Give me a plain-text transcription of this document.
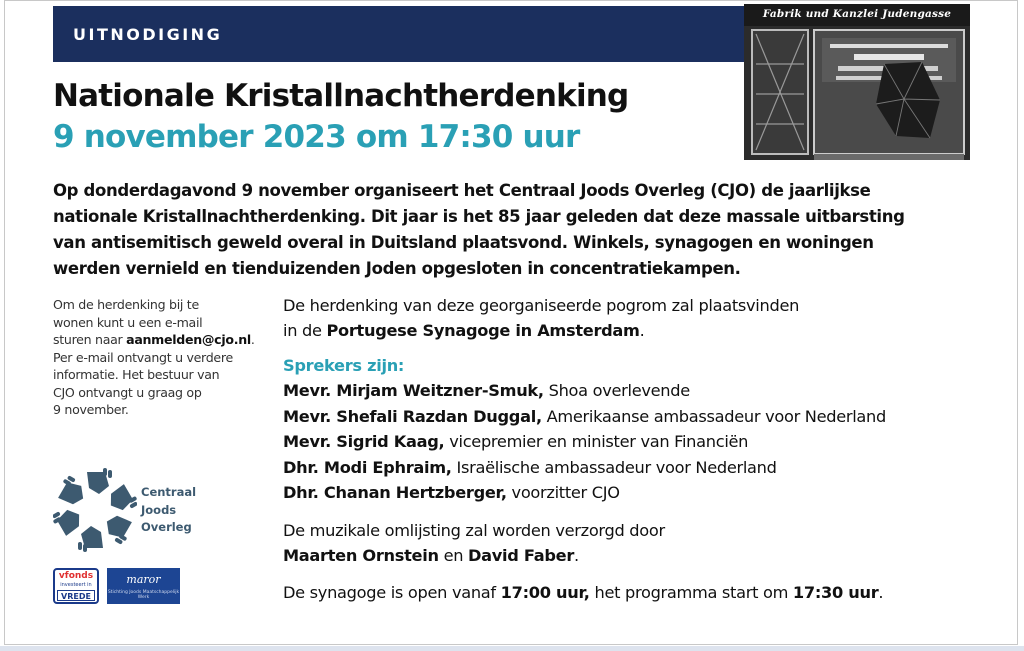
UITNODIGING
Fabrik und Kanzlei Judengasse
Nationale Kristallnachtherdenking
9 november 2023 om 17:30 uur
Op donderdagavond 9 november organiseert het Centraal Joods Overleg (CJO) de jaarlijkse
nationale Kristallnachtherdenking. Dit jaar is het 85 jaar geleden dat deze massale uitbarsting
van antisemitisch geweld overal in Duitsland plaatsvond. Winkels, synagogen en woningen
werden vernield en tienduizenden Joden opgesloten in concentratiekampen.
Om de herdenking bij te
wonen kunt u een e-mail
sturen naar aanmelden@cjo.nl.
Per e-mail ontvangt u verdere
informatie. Het bestuur van
CJO ontvangt u graag op
9 november.
De herdenking van deze georganiseerde pogrom zal plaatsvinden
in de Portugese Synagoge in Amsterdam.
Sprekers zijn:
Mevr. Mirjam Weitzner-Smuk, Shoa overlevende
Mevr. Shefali Razdan Duggal, Amerikaanse ambassadeur voor Nederland
Mevr. Sigrid Kaag, vicepremier en minister van Financiën
Dhr. Modi Ephraim, Israëlische ambassadeur voor Nederland
Dhr. Chanan Hertzberger, voorzitter CJO
De muzikale omlijsting zal worden verzorgd door
Maarten Ornstein en David Faber.
De synagoge is open vanaf 17:00 uur, het programma start om 17:30 uur.
Centraal
Joods
Overleg
vfonds
investeert in
VREDE
maror
Stichting Joods Maatschappelijk Werk
